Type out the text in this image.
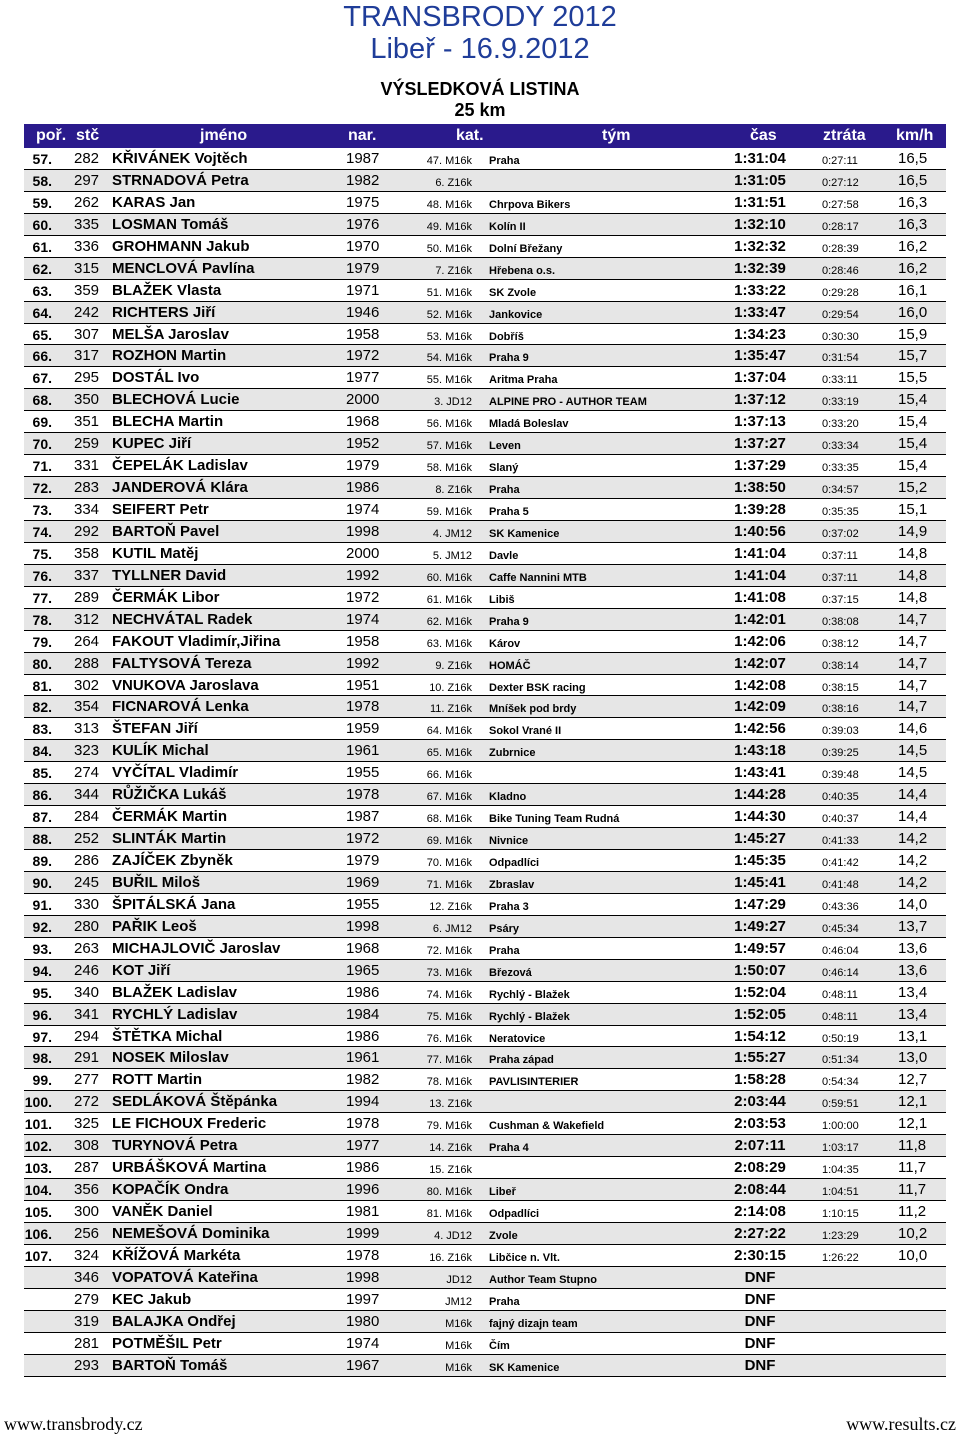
TRANSBRODY 2012
Libeř - 16.9.2012
VÝSLEDKOVÁ LISTINA
25 km
poř. stč	jméno	nar.	kat.	tým	čas	ztráta km/h
57. 282 KŘIVÁNEK Vojtěch	1987	47. M16k Praha	1:31:04	0:27:11	16,5
58. 297 STRNADOVÁ Petra	1982	6. Z16k	1:31:05	0:27:12	16,5
59. 262 KARAS Jan	1975	48. M16k Chrpova Bikers	1:31:51	0:27:58	16,3
60. 335 LOSMAN Tomáš	1976	49. M16k Kolín II	1:32:10	0:28:17	16,3
61. 336 GROHMANN Jakub	1970	50. M16k Dolní Břežany	1:32:32	0:28:39	16,2
62. 315 MENCLOVÁ Pavlína	1979	7. Z16k Hřebena o.s.	1:32:39	0:28:46	16,2
63. 359 BLAŽEK Vlasta	1971	51. M16k SK Zvole	1:33:22	0:29:28	16,1
64. 242 RICHTERS Jiří	1946	52. M16k Jankovice	1:33:47	0:29:54	16,0
65. 307 MELŠA Jaroslav	1958	53. M16k Dobříš	1:34:23	0:30:30	15,9
66. 317 ROZHON Martin	1972	54. M16k Praha 9	1:35:47	0:31:54	15,7
67. 295 DOSTÁL Ivo	1977	55. M16k Aritma Praha	1:37:04	0:33:11	15,5
68. 350 BLECHOVÁ Lucie	2000	3. JD12 ALPINE PRO - AUTHOR TEAM	1:37:12	0:33:19	15,4
69. 351 BLECHA Martin	1968	56. M16k Mladá Boleslav	1:37:13	0:33:20	15,4
70. 259 KUPEC Jiří	1952	57. M16k Leven	1:37:27	0:33:34	15,4
71. 331 ČEPELÁK Ladislav	1979	58. M16k Slaný	1:37:29	0:33:35	15,4
72. 283 JANDEROVÁ Klára	1986	8. Z16k Praha	1:38:50	0:34:57	15,2
73. 334 SEIFERT Petr	1974	59. M16k Praha 5	1:39:28	0:35:35	15,1
74. 292 BARTOŇ Pavel	1998	4. JM12 SK Kamenice	1:40:56	0:37:02	14,9
75. 358 KUTIL Matěj	2000	5. JM12 Davle	1:41:04	0:37:11	14,8
76. 337 TYLLNER David	1992	60. M16k Caffe Nannini MTB	1:41:04	0:37:11	14,8
77. 289 ČERMÁK Libor	1972	61. M16k Libiš	1:41:08	0:37:15	14,8
78. 312 NECHVÁTAL Radek	1974	62. M16k Praha 9	1:42:01	0:38:08	14,7
79. 264 FAKOUT Vladimír,Jiřina	1958	63. M16k Károv	1:42:06	0:38:12	14,7
80. 288 FALTYSOVÁ Tereza	1992	9. Z16k HOMÁČ	1:42:07	0:38:14	14,7
81. 302 VNUKOVA Jaroslava	1951	10. Z16k Dexter BSK racing	1:42:08	0:38:15	14,7
82. 354 FICNAROVÁ Lenka	1978	11. Z16k Mníšek pod brdy	1:42:09	0:38:16	14,7
83. 313 ŠTEFAN Jiří	1959	64. M16k Sokol Vrané II	1:42:56	0:39:03	14,6
84. 323 KULÍK Michal	1961	65. M16k Zubrnice	1:43:18	0:39:25	14,5
85. 274 VYČÍTAL Vladimír	1955	66. M16k	1:43:41	0:39:48	14,5
86. 344 RŮŽIČKA Lukáš	1978	67. M16k Kladno	1:44:28	0:40:35	14,4
87. 284 ČERMÁK Martin	1987	68. M16k Bike Tuning Team Rudná	1:44:30	0:40:37	14,4
88. 252 SLINTÁK Martin	1972	69. M16k Nivnice	1:45:27	0:41:33	14,2
89. 286 ZAJÍČEK Zbyněk	1979	70. M16k Odpadlíci	1:45:35	0:41:42	14,2
90. 245 BUŘIL Miloš	1969	71. M16k Zbraslav	1:45:41	0:41:48	14,2
91. 330 ŠPITÁLSKÁ Jana	1955	12. Z16k Praha 3	1:47:29	0:43:36	14,0
92. 280 PAŘIK Leoš	1998	6. JM12 Psáry	1:49:27	0:45:34	13,7
93. 263 MICHAJLOVIČ Jaroslav	1968	72. M16k Praha	1:49:57	0:46:04	13,6
94. 246 KOT Jiří	1965	73. M16k Březová	1:50:07	0:46:14	13,6
95. 340 BLAŽEK Ladislav	1986	74. M16k Rychlý - Blažek	1:52:04	0:48:11	13,4
96. 341 RYCHLÝ Ladislav	1984	75. M16k Rychlý - Blažek	1:52:05	0:48:11	13,4
97. 294 ŠTĚTKA Michal	1986	76. M16k Neratovice	1:54:12	0:50:19	13,1
98. 291 NOSEK Miloslav	1961	77. M16k Praha západ	1:55:27	0:51:34	13,0
99. 277 ROTT Martin	1982	78. M16k PAVLISINTERIER	1:58:28	0:54:34	12,7
100. 272 SEDLÁKOVÁ Štěpánka	1994	13. Z16k	2:03:44	0:59:51	12,1
101. 325 LE FICHOUX Frederic	1978	79. M16k Cushman & Wakefield	2:03:53	1:00:00	12,1
102. 308 TURYNOVÁ Petra	1977	14. Z16k Praha 4	2:07:11	1:03:17	11,8
103. 287 URBÁŠKOVÁ Martina	1986	15. Z16k	2:08:29	1:04:35	11,7
104. 356 KOPAČÍK Ondra	1996	80. M16k Libeř	2:08:44	1:04:51	11,7
105. 300 VANĚK Daniel	1981	81. M16k Odpadlíci	2:14:08	1:10:15	11,2
106. 256 NEMEŠOVÁ Dominika	1999	4. JD12 Zvole	2:27:22	1:23:29	10,2
107. 324 KŘÍŽOVÁ Markéta	1978	16. Z16k Libčice n. Vlt.	2:30:15	1:26:22	10,0
346 VOPATOVÁ Kateřina	1998	JD12 Author Team Stupno	DNF
279 KEC Jakub	1997	JM12 Praha	DNF
319 BALAJKA Ondřej	1980	M16k fajný dizajn team	DNF
281 POTMĚŠIL Petr	1974	M16k Čím	DNF
293 BARTOŇ Tomáš	1967	M16k SK Kamenice	DNF
www.transbrody.cz	www.results.cz
